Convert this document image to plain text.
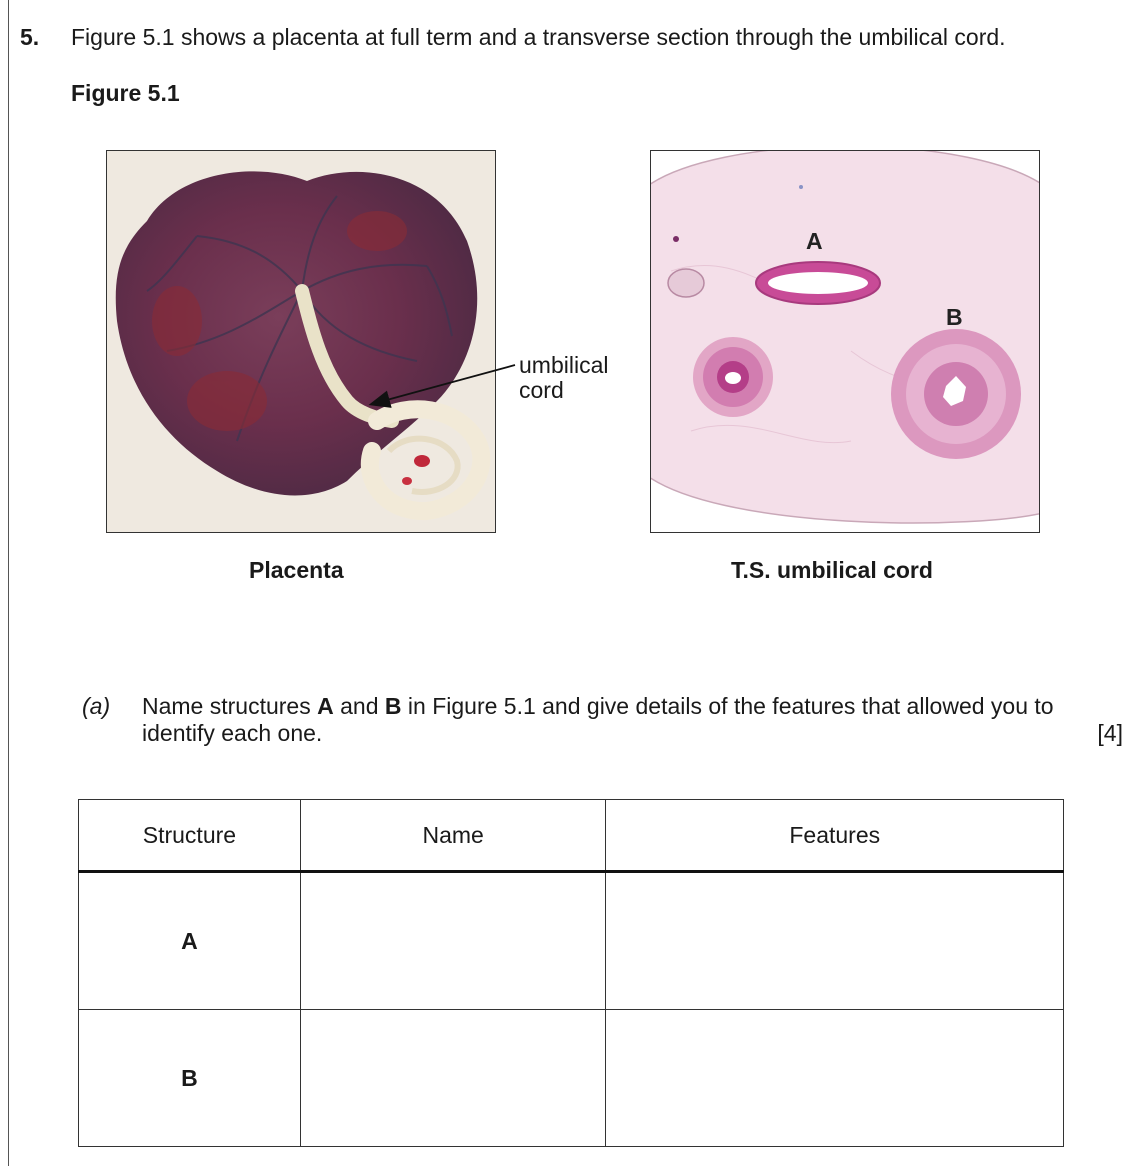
5. Figure 5.1 shows a placenta at full term and a transverse section through the umbilical cord.
Figure 5.1
umbilical
cord
A
B
Placenta	T.S. umbilical cord
(a) Name structures A and B in Figure 5.1 and give details of the features that allowed you to identify each one.	[4]
Structure	Name	Features
A		
B		
